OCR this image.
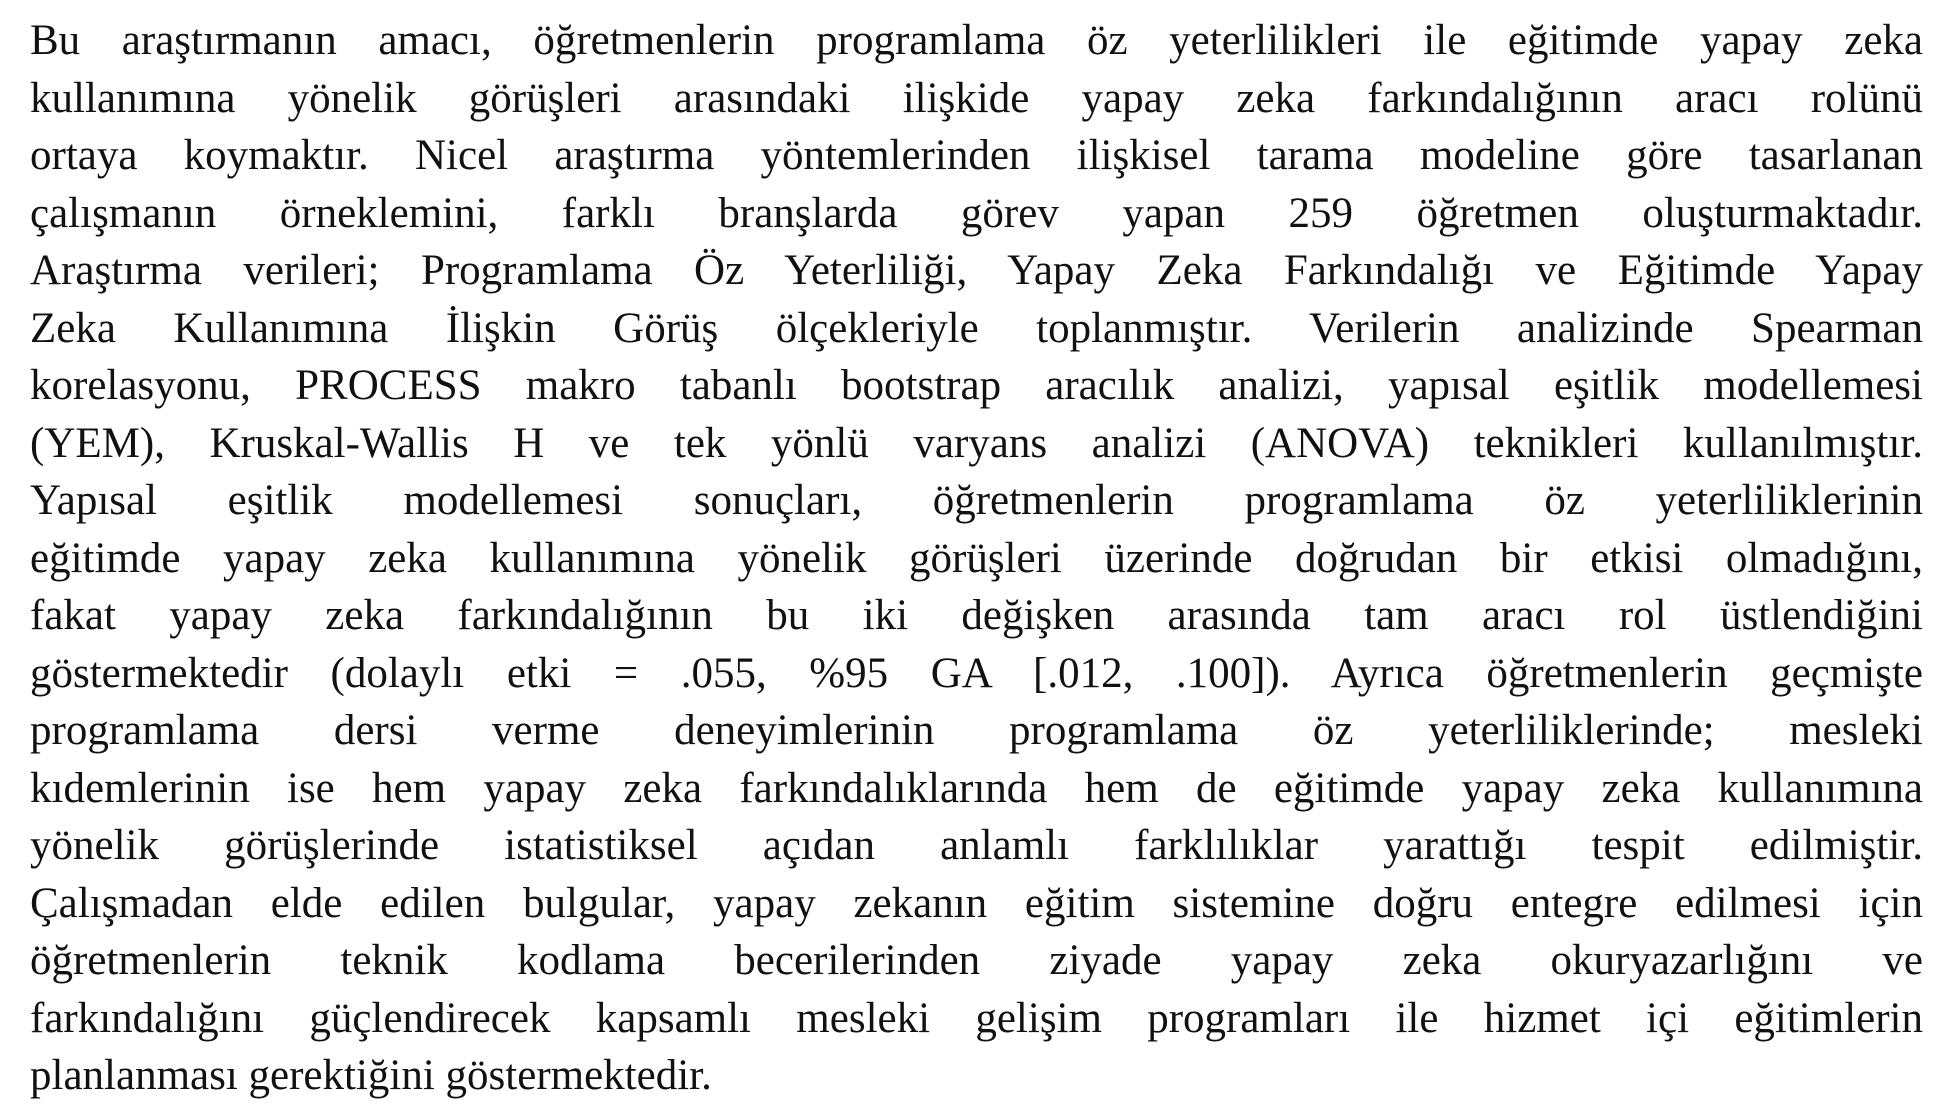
Bu araştırmanın amacı, öğretmenlerin programlama öz yeterlilikleri ile eğitimde yapay zeka
kullanımına yönelik görüşleri arasındaki ilişkide yapay zeka farkındalığının aracı rolünü
ortaya koymaktır. Nicel araştırma yöntemlerinden ilişkisel tarama modeline göre tasarlanan
çalışmanın örneklemini, farklı branşlarda görev yapan 259 öğretmen oluşturmaktadır.
Araştırma verileri; Programlama Öz Yeterliliği, Yapay Zeka Farkındalığı ve Eğitimde Yapay
Zeka Kullanımına İlişkin Görüş ölçekleriyle toplanmıştır. Verilerin analizinde Spearman
korelasyonu, PROCESS makro tabanlı bootstrap aracılık analizi, yapısal eşitlik modellemesi
(YEM), Kruskal-Wallis H ve tek yönlü varyans analizi (ANOVA) teknikleri kullanılmıştır.
Yapısal eşitlik modellemesi sonuçları, öğretmenlerin programlama öz yeterliliklerinin
eğitimde yapay zeka kullanımına yönelik görüşleri üzerinde doğrudan bir etkisi olmadığını,
fakat yapay zeka farkındalığının bu iki değişken arasında tam aracı rol üstlendiğini
göstermektedir (dolaylı etki = .055, %95 GA [.012, .100]). Ayrıca öğretmenlerin geçmişte
programlama dersi verme deneyimlerinin programlama öz yeterliliklerinde; mesleki
kıdemlerinin ise hem yapay zeka farkındalıklarında hem de eğitimde yapay zeka kullanımına
yönelik görüşlerinde istatistiksel açıdan anlamlı farklılıklar yarattığı tespit edilmiştir.
Çalışmadan elde edilen bulgular, yapay zekanın eğitim sistemine doğru entegre edilmesi için
öğretmenlerin teknik kodlama becerilerinden ziyade yapay zeka okuryazarlığını ve
farkındalığını güçlendirecek kapsamlı mesleki gelişim programları ile hizmet içi eğitimlerin
planlanması gerektiğini göstermektedir.
